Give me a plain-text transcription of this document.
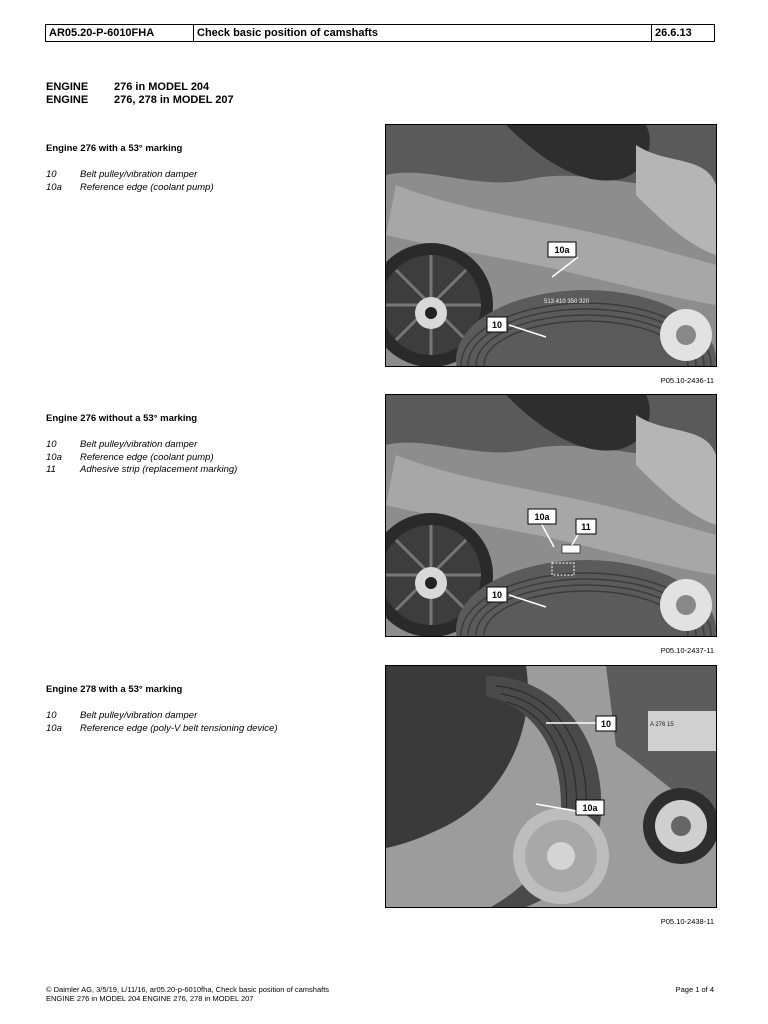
AR05.20-P-6010FHA	Check basic position of camshafts	26.6.13
ENGINE 276 in MODEL 204
ENGINE 276, 278 in MODEL 207
Engine 276 with a 53° marking
10	Belt pulley/vibration damper
10a	Reference edge (coolant pump)
513 410 350 320
10a
10
P05.10-2436-11
Engine 276 without a 53° marking
10	Belt pulley/vibration damper
10a	Reference edge (coolant pump)
11	Adhesive strip (replacement marking)
10a
11
10
P05.10-2437-11
Engine 278 with a 53° marking
10	Belt pulley/vibration damper
10a	Reference edge (poly-V belt tensioning device)	A 276 15
10
10a
P05.10-2438-11
© Daimler AG, 3/5/19, L/11/16, ar05.20-p-6010fha, Check basic position of camshafts
ENGINE 276 in MODEL 204 ENGINE 276, 278 in MODEL 207
Page 1 of 4
